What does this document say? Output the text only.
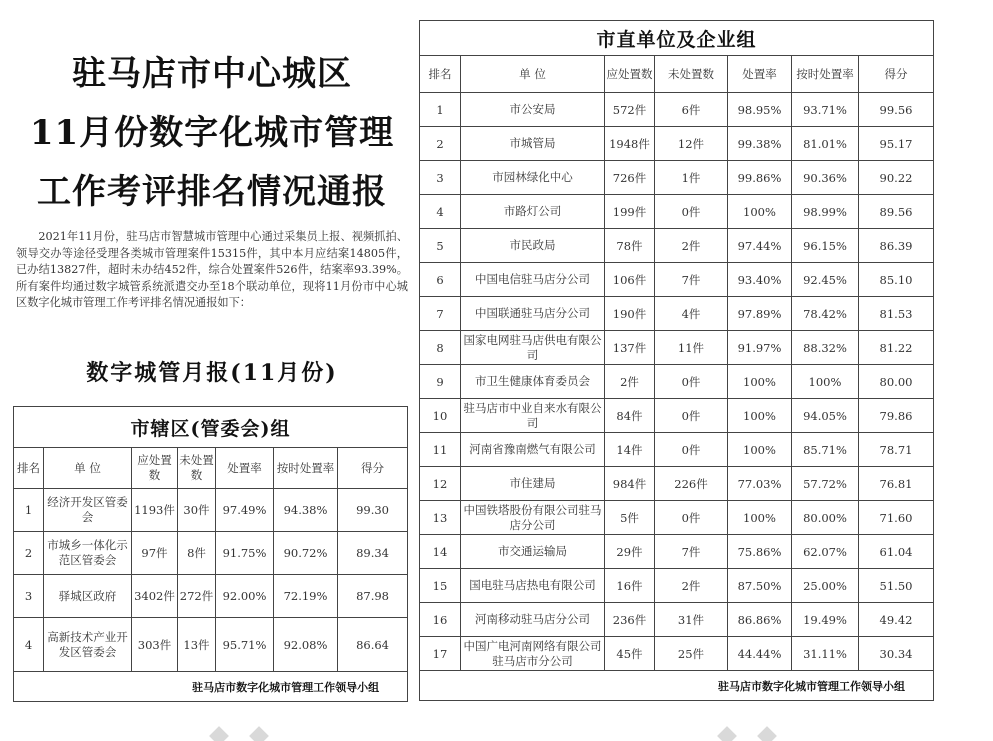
驻马店市中心城区
11月份数字化城市管理
工作考评排名情况通报

2021年11月份，驻马店市智慧城市管理中心通过采集员上报、视频抓拍、领导交办等途径受理各类城市管理案件15315件，其中本月应结案14805件，已办结13827件，超时未办结452件，综合处置案件526件，结案率93.39%。所有案件均通过数字城管系统派遣交办至18个联动单位，现将11月份市中心城区数字化城市管理工作考评排名情况通报如下：

数字城管月报(11月份)
市辖区(管委会)组						
排名	单 位	应处置数	未处置数	处置率	按时处置率	得分
1	经济开发区管委会	1193件	30件	97.49%	94.38%	99.30
2	市城乡一体化示范区管委会	97件	8件	91.75%	90.72%	89.34
3	驿城区政府	3402件	272件	92.00%	72.19%	87.98
4	高新技术产业开发区管委会	303件	13件	95.71%	92.08%	86.64
驻马店市数字化城市管理工作领导小组						
市直单位及企业组						
排名	单 位	应处置数	未处置数	处置率	按时处置率	得分
1	市公安局	572件	6件	98.95%	93.71%	99.56
2	市城管局	1948件	12件	99.38%	81.01%	95.17
3	市园林绿化中心	726件	1件	99.86%	90.36%	90.22
4	市路灯公司	199件	0件	100%	98.99%	89.56
5	市民政局	78件	2件	97.44%	96.15%	86.39
6	中国电信驻马店分公司	106件	7件	93.40%	92.45%	85.10
7	中国联通驻马店分公司	190件	4件	97.89%	78.42%	81.53
8	国家电网驻马店供电有限公司	137件	11件	91.97%	88.32%	81.22
9	市卫生健康体育委员会	2件	0件	100%	100%	80.00
10	驻马店市中业自来水有限公司	84件	0件	100%	94.05%	79.86
11	河南省豫南燃气有限公司	14件	0件	100%	85.71%	78.71
12	市住建局	984件	226件	77.03%	57.72%	76.81
13	中国铁塔股份有限公司驻马店分公司	5件	0件	100%	80.00%	71.60
14	市交通运输局	29件	7件	75.86%	62.07%	61.04
15	国电驻马店热电有限公司	16件	2件	87.50%	25.00%	51.50
16	河南移动驻马店分公司	236件	31件	86.86%	19.49%	49.42
17	中国广电河南网络有限公司驻马店市分公司	45件	25件	44.44%	31.11%	30.34
驻马店市数字化城市管理工作领导小组						
